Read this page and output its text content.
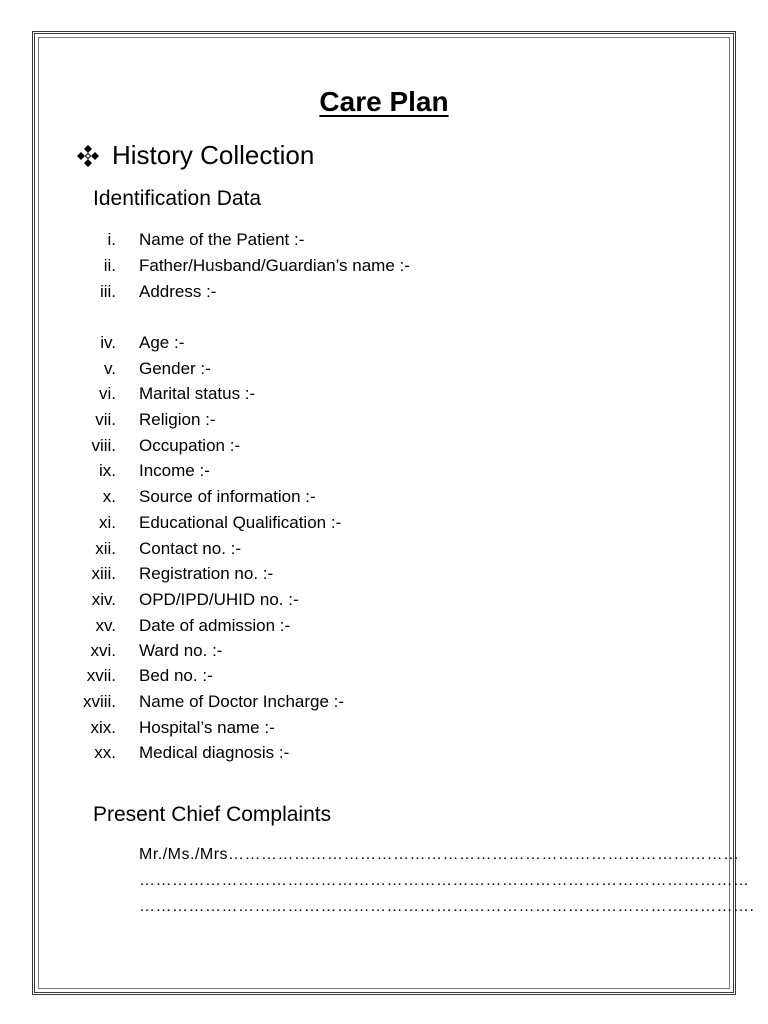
Care Plan
History Collection
Identification Data
i. Name of the Patient :-
ii. Father/Husband/Guardian’s name :-
iii. Address :-
iv. Age :-
v. Gender :-
vi. Marital status :-
vii. Religion :-
viii. Occupation :-
ix. Income :-
x. Source of information :-
xi. Educational Qualification :-
xii. Contact no. :-
xiii. Registration no. :-
xiv. OPD/IPD/UHID no. :-
xv. Date of admission :-
xvi. Ward no. :-
xvii. Bed no. :-
xviii. Name of Doctor Incharge :-
xix. Hospital’s name :-
xx. Medical diagnosis :-
Present Chief Complaints
Mr./Ms./Mrs…………………………………………………………………………………
…………………………………………………………………………………………………
………………………………………………………………………………………………….
